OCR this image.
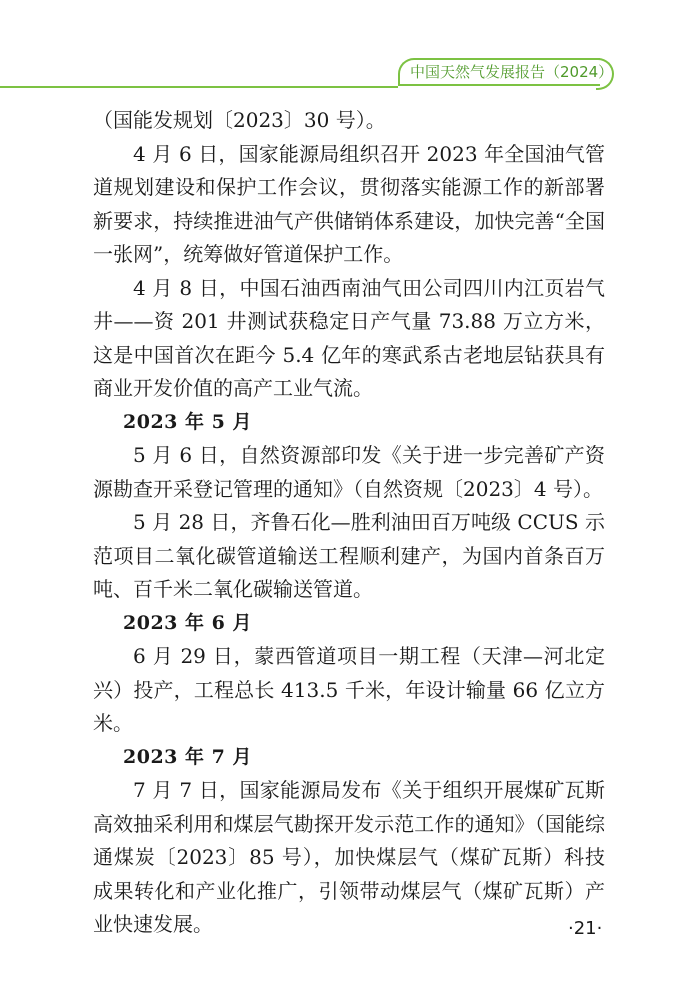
中国天然气发展报告（2024）

（国能发规划〔2023〕30 号）。

4 月 6 日，国家能源局组织召开 2023 年全国油气管道规划建设和保护工作会议，贯彻落实能源工作的新部署新要求，持续推进油气产供储销体系建设，加快完善“全国一张网”，统筹做好管道保护工作。

4 月 8 日，中国石油西南油气田公司四川内江页岩气井——资 201 井测试获稳定日产气量 73.88 万立方米，这是中国首次在距今 5.4 亿年的寒武系古老地层钻获具有商业开发价值的高产工业气流。

2023 年 5 月

5 月 6 日，自然资源部印发《关于进一步完善矿产资源勘查开采登记管理的通知》（自然资规〔2023〕4 号）。

5 月 28 日，齐鲁石化—胜利油田百万吨级 CCUS 示范项目二氧化碳管道输送工程顺利建产，为国内首条百万吨、百千米二氧化碳输送管道。

2023 年 6 月

6 月 29 日，蒙西管道项目一期工程（天津—河北定兴）投产，工程总长 413.5 千米，年设计输量 66 亿立方米。

2023 年 7 月

7 月 7 日，国家能源局发布《关于组织开展煤矿瓦斯高效抽采利用和煤层气勘探开发示范工作的通知》（国能综通煤炭〔2023〕85 号），加快煤层气（煤矿瓦斯）科技成果转化和产业化推广，引领带动煤层气（煤矿瓦斯）产业快速发展。	·21·
